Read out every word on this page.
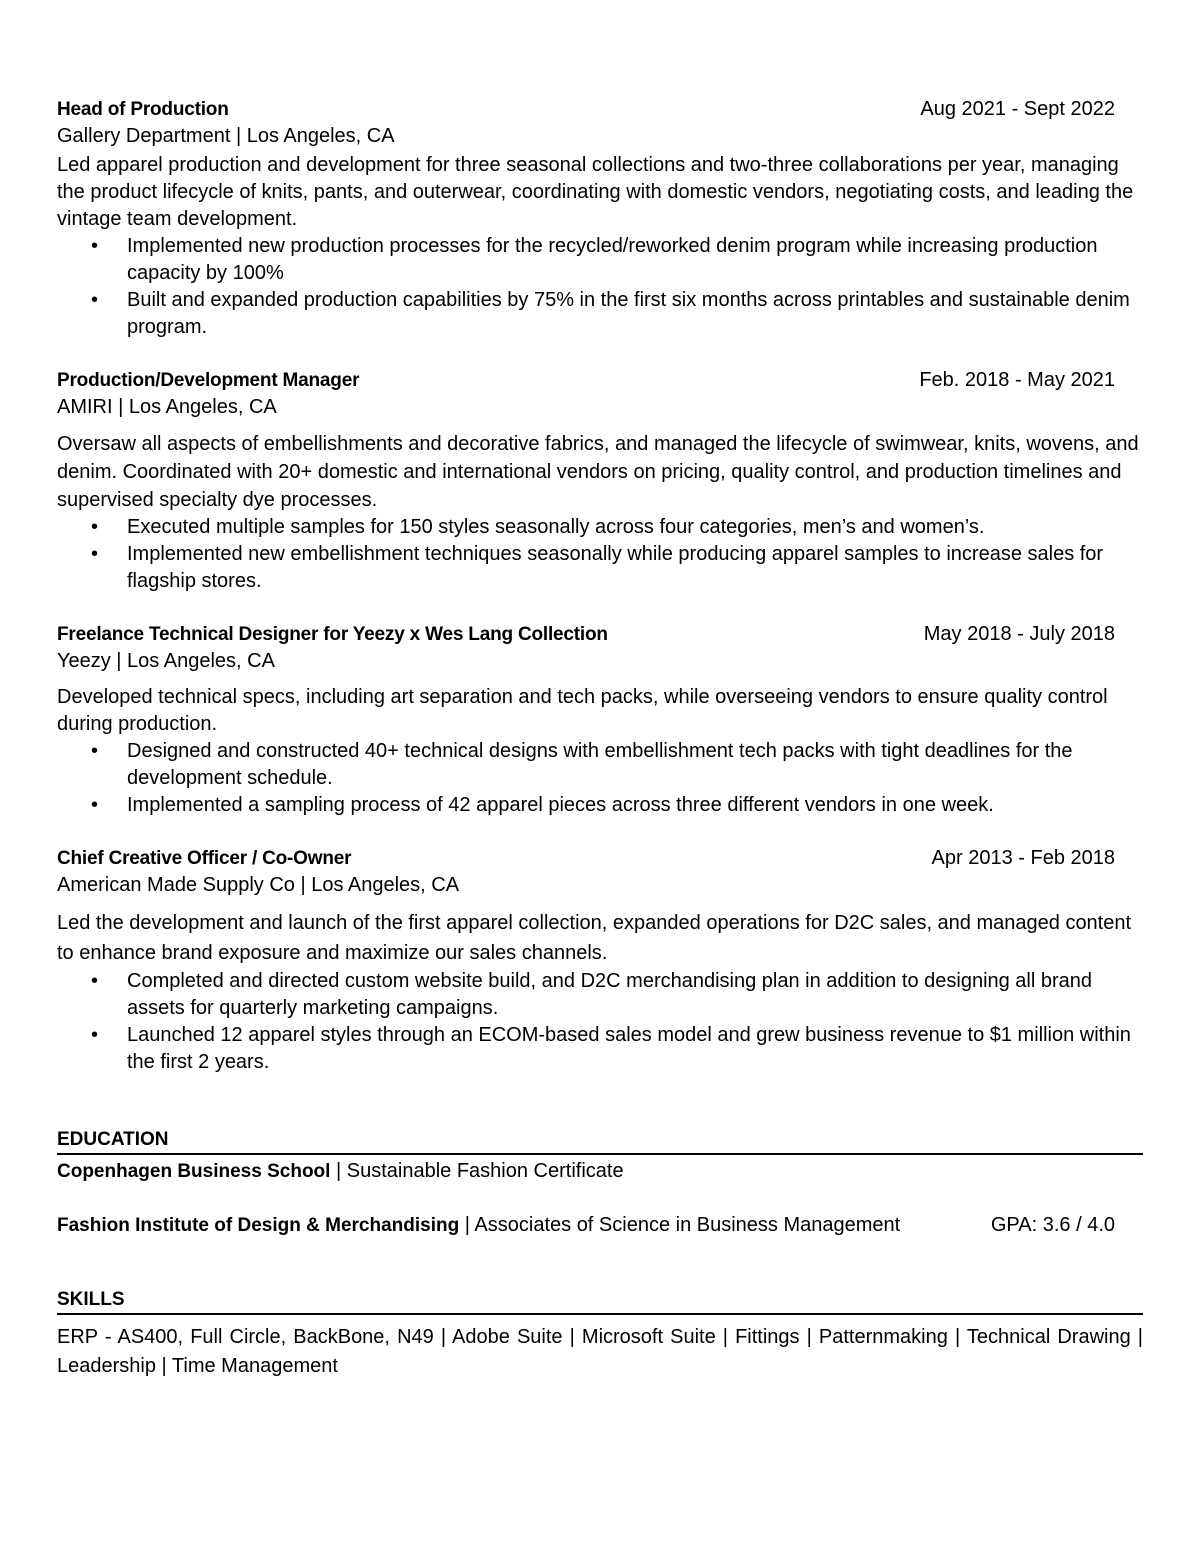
Head of Production	Aug 2021 - Sept 2022
Gallery Department | Los Angeles, CA
Led apparel production and development for three seasonal collections and two-three collaborations per year, managing the product lifecycle of knits, pants, and outerwear, coordinating with domestic vendors, negotiating costs, and leading the vintage team development.
• Implemented new production processes for the recycled/reworked denim program while increasing production capacity by 100%
• Built and expanded production capabilities by 75% in the first six months across printables and sustainable denim program.
Production/Development Manager	Feb. 2018 - May 2021
AMIRI | Los Angeles, CA
Oversaw all aspects of embellishments and decorative fabrics, and managed the lifecycle of swimwear, knits, wovens, and denim. Coordinated with 20+ domestic and international vendors on pricing, quality control, and production timelines and supervised specialty dye processes.
• Executed multiple samples for 150 styles seasonally across four categories, men’s and women’s.
• Implemented new embellishment techniques seasonally while producing apparel samples to increase sales for flagship stores.
Freelance Technical Designer for Yeezy x Wes Lang Collection	May 2018 - July 2018
Yeezy | Los Angeles, CA
Developed technical specs, including art separation and tech packs, while overseeing vendors to ensure quality control during production.
• Designed and constructed 40+ technical designs with embellishment tech packs with tight deadlines for the development schedule.
• Implemented a sampling process of 42 apparel pieces across three different vendors in one week.
Chief Creative Officer / Co-Owner	Apr 2013 - Feb 2018
American Made Supply Co | Los Angeles, CA
Led the development and launch of the first apparel collection, expanded operations for D2C sales, and managed content to enhance brand exposure and maximize our sales channels.
• Completed and directed custom website build, and D2C merchandising plan in addition to designing all brand assets for quarterly marketing campaigns.
• Launched 12 apparel styles through an ECOM-based sales model and grew business revenue to $1 million within the first 2 years.
EDUCATION
Copenhagen Business School | Sustainable Fashion Certificate
Fashion Institute of Design & Merchandising | Associates of Science in Business Management	GPA: 3.6 / 4.0
SKILLS
ERP - AS400, Full Circle, BackBone, N49 | Adobe Suite | Microsoft Suite | Fittings | Patternmaking | Technical Drawing | Leadership | Time Management
